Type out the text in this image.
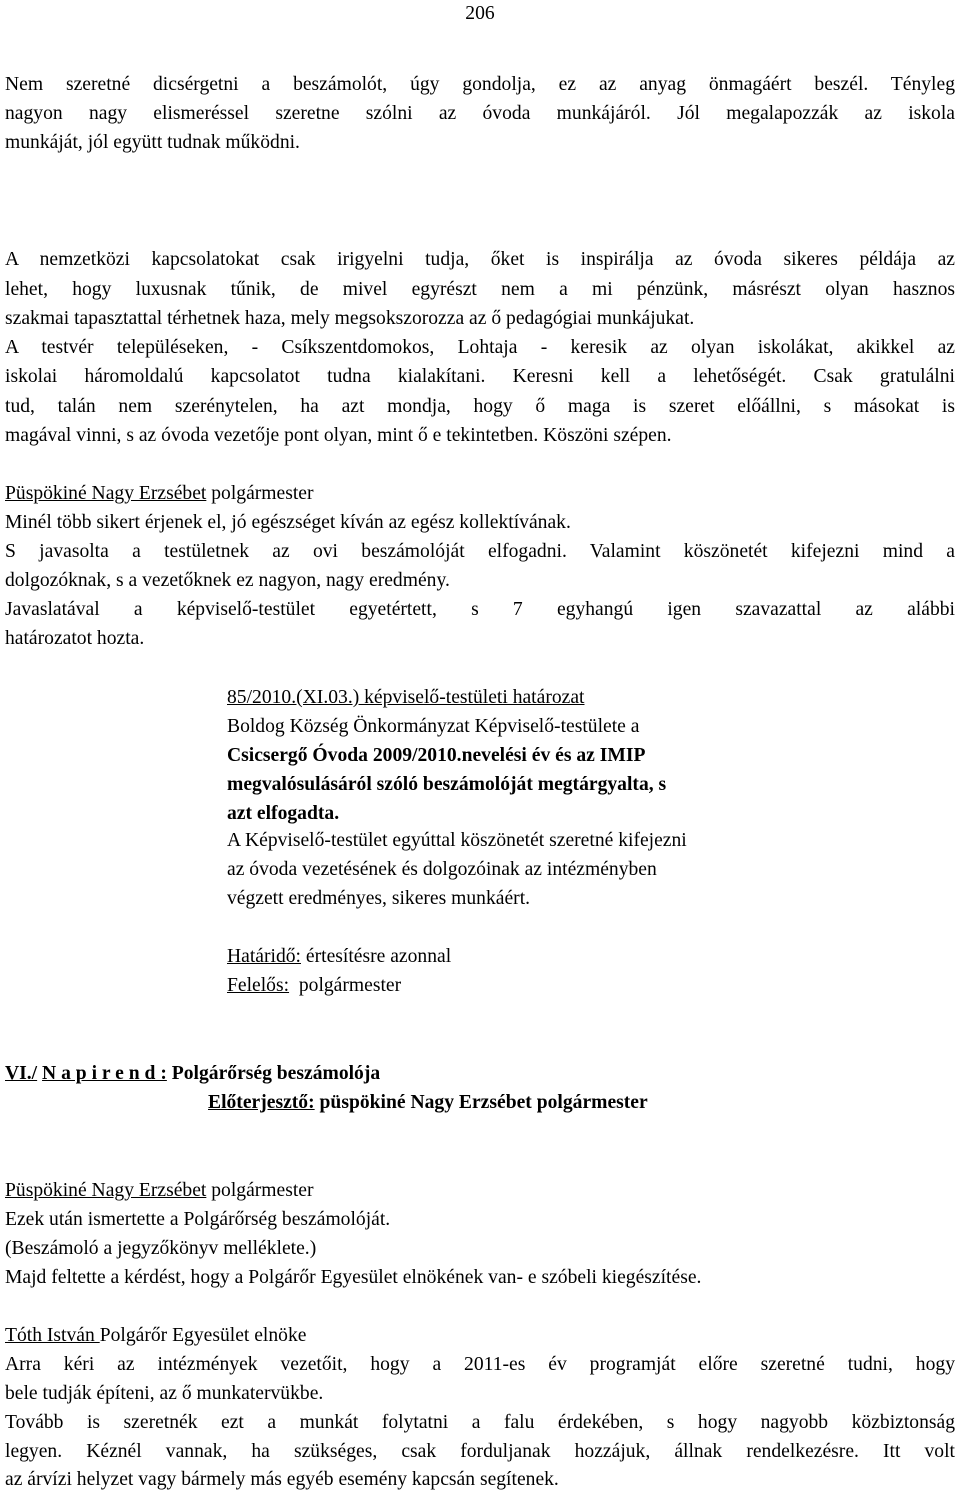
206
Nem szeretné dicsérgetni a beszámolót, úgy gondolja, ez az anyag önmagáért beszél. Tényleg
nagyon nagy elismeréssel szeretne szólni az óvoda munkájáról. Jól megalapozzák az iskola
munkáját, jól együtt tudnak működni.
A nemzetközi kapcsolatokat csak irigyelni tudja, őket is inspirálja az óvoda sikeres példája az
lehet, hogy luxusnak tűnik, de mivel egyrészt nem a mi pénzünk, másrészt olyan hasznos
szakmai tapasztattal térhetnek haza, mely megsokszorozza az ő pedagógiai munkájukat.
A testvér településeken, - Csíkszentdomokos, Lohtaja - keresik az olyan iskolákat, akikkel az
iskolai háromoldalú kapcsolatot tudna kialakítani. Keresni kell a lehetőségét. Csak gratulálni
tud, talán nem szerénytelen, ha azt mondja, hogy ő maga is szeret előállni, s másokat is
magával vinni, s az óvoda vezetője pont olyan, mint ő e tekintetben. Köszöni szépen.
Püspökiné Nagy Erzsébet polgármester
Minél több sikert érjenek el, jó egészséget kíván az egész kollektívának.
S javasolta a testületnek az ovi beszámolóját elfogadni. Valamint köszönetét kifejezni mind a
dolgozóknak, s a vezetőknek ez nagyon, nagy eredmény.
Javaslatával a képviselő-testület egyetértett, s 7 egyhangú igen szavazattal az alábbi
határozatot hozta.
85/2010.(XI.03.) képviselő-testületi határozat
Boldog Község Önkormányzat Képviselő-testülete a
Csicsergő Óvoda 2009/2010.nevelési év és az IMIP
megvalósulásáról szóló beszámolóját megtárgyalta, s
azt elfogadta.
A Képviselő-testület egyúttal köszönetét szeretné kifejezni
az óvoda vezetésének és dolgozóinak az intézményben
végzett eredményes, sikeres munkáért.
Határidő: értesítésre azonnal
Felelős:  polgármester
VI./ N a p i r e n d : Polgárőrség beszámolója
Előterjesztő: püspökiné Nagy Erzsébet polgármester
Püspökiné Nagy Erzsébet polgármester
Ezek után ismertette a Polgárőrség beszámolóját.
(Beszámoló a jegyzőkönyv melléklete.)
Majd feltette a kérdést, hogy a Polgárőr Egyesület elnökének van- e szóbeli kiegészítése.
Tóth István Polgárőr Egyesület elnöke
Arra kéri az intézmények vezetőit, hogy a 2011-es év programját előre szeretné tudni, hogy
bele tudják építeni, az ő munkatervükbe.
Tovább is szeretnék ezt a munkát folytatni a falu érdekében, s hogy nagyobb közbiztonság
legyen. Kéznél vannak, ha szükséges, csak forduljanak hozzájuk, állnak rendelkezésre. Itt volt
az árvízi helyzet vagy bármely más egyéb esemény kapcsán segítenek.
